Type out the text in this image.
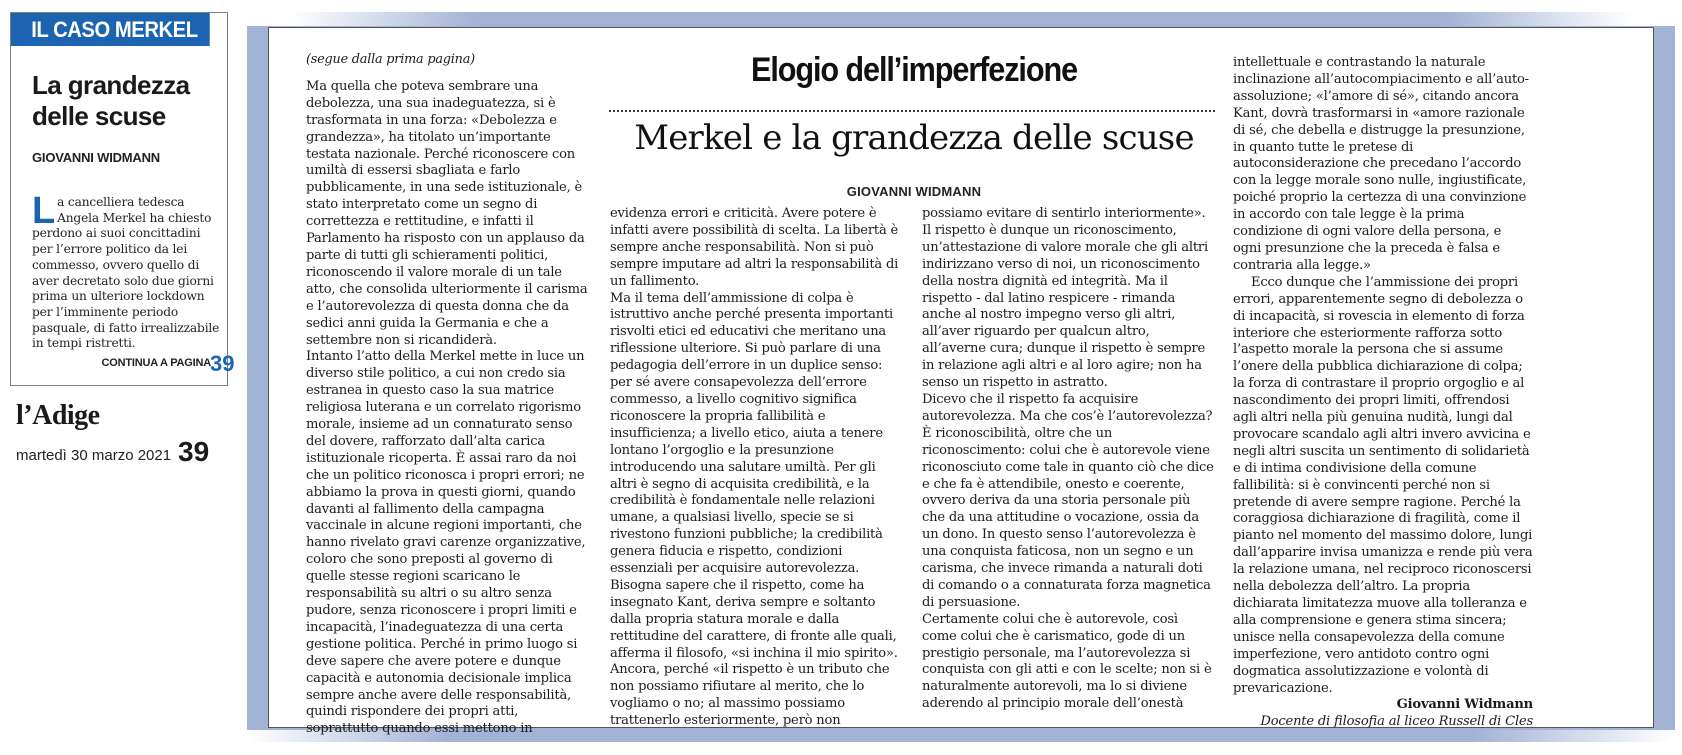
IL CASO MERKEL
La grandezza delle scuse
GIOVANNI WIDMANN

La cancelliera tedesca Angela Merkel ha chiesto perdono ai suoi concittadini per l’errore politico da lei commesso, ovvero quello di aver decretato solo due giorni prima un ulteriore lockdown per l’imminente periodo pasquale, di fatto irrealizzabile in tempi ristretti.

CONTINUA A PAGINA 39
l’Adige
martedì 30 marzo 2021 39
Elogio dell’imperfezione
Merkel e la grandezza delle scuse
GIOVANNI WIDMANN

(segue dalla prima pagina)

Ma quella che poteva sembrare una debolezza, una sua inadeguatezza, si è trasformata in una forza: «Debolezza e grandezza», ha titolato un’importante testata nazionale. Perché riconoscere con umiltà di essersi sbagliata e farlo pubblicamente, in una sede istituzionale, è stato interpretato come un segno di correttezza e rettitudine, e infatti il Parlamento ha risposto con un applauso da parte di tutti gli schieramenti politici, riconoscendo il valore morale di un tale atto, che consolida ulteriormente il carisma e l’autorevolezza di questa donna che da sedici anni guida la Germania e che a settembre non si ricandiderà.

Intanto l’atto della Merkel mette in luce un diverso stile politico, a cui non credo sia estranea in questo caso la sua matrice religiosa luterana e un correlato rigorismo morale, insieme ad un connaturato senso del dovere, rafforzato dall’alta carica istituzionale ricoperta. È assai raro da noi che un politico riconosca i propri errori; ne abbiamo la prova in questi giorni, quando davanti al fallimento della campagna vaccinale in alcune regioni importanti, che hanno rivelato gravi carenze organizzative, coloro che sono preposti al governo di quelle stesse regioni scaricano le responsabilità su altri o su altro senza pudore, senza riconoscere i propri limiti e incapacità, l’inadeguatezza di una certa gestione politica. Perché in primo luogo si deve sapere che avere potere e dunque capacità e autonomia decisionale implica sempre anche avere delle responsabilità, quindi rispondere dei propri atti, soprattutto quando essi mettono in

evidenza errori e criticità. Avere potere è infatti avere possibilità di scelta. La libertà è sempre anche responsabilità. Non si può sempre imputare ad altri la responsabilità di un fallimento.

Ma il tema dell’ammissione di colpa è istruttivo anche perché presenta importanti risvolti etici ed educativi che meritano una riflessione ulteriore. Si può parlare di una pedagogia dell’errore in un duplice senso: per sé avere consapevolezza dell’errore commesso, a livello cognitivo significa riconoscere la propria fallibilità e insufficienza; a livello etico, aiuta a tenere lontano l’orgoglio e la presunzione introducendo una salutare umiltà. Per gli altri è segno di acquisita credibilità, e la credibilità è fondamentale nelle relazioni umane, a qualsiasi livello, specie se si rivestono funzioni pubbliche; la credibilità genera fiducia e rispetto, condizioni essenziali per acquisire autorevolezza.

Bisogna sapere che il rispetto, come ha insegnato Kant, deriva sempre e soltanto dalla propria statura morale e dalla rettitudine del carattere, di fronte alle quali, afferma il filosofo, «si inchina il mio spirito». Ancora, perché «il rispetto è un tributo che non possiamo rifiutare al merito, che lo vogliamo o no; al massimo possiamo trattenerlo esteriormente, però non

possiamo evitare di sentirlo interiormente». Il rispetto è dunque un riconoscimento, un’attestazione di valore morale che gli altri indirizzano verso di noi, un riconoscimento della nostra dignità ed integrità. Ma il rispetto - dal latino respicere - rimanda anche al nostro impegno verso gli altri, all’aver riguardo per qualcun altro, all’averne cura; dunque il rispetto è sempre in relazione agli altri e al loro agire; non ha senso un rispetto in astratto.

Dicevo che il rispetto fa acquisire autorevolezza. Ma che cos’è l’autorevolezza? È riconoscibilità, oltre che un riconoscimento: colui che è autorevole viene riconosciuto come tale in quanto ciò che dice e che fa è attendibile, onesto e coerente, ovvero deriva da una storia personale più che da una attitudine o vocazione, ossia da un dono. In questo senso l’autorevolezza è una conquista faticosa, non un segno e un carisma, che invece rimanda a naturali doti di comando o a connaturata forza magnetica di persuasione.

Certamente colui che è autorevole, così come colui che è carismatico, gode di un prestigio personale, ma l’autorevolezza si conquista con gli atti e con le scelte; non si è naturalmente autorevoli, ma lo si diviene aderendo al principio morale dell’onestà

intellettuale e contrastando la naturale inclinazione all’autocompiacimento e all’auto-assoluzione; «l’amore di sé», citando ancora Kant, dovrà trasformarsi in «amore razionale di sé, che debella e distrugge la presunzione, in quanto tutte le pretese di autoconsiderazione che precedano l’accordo con la legge morale sono nulle, ingiustificate, poiché proprio la certezza di una convinzione in accordo con tale legge è la prima condizione di ogni valore della persona, e ogni presunzione che la preceda è falsa e contraria alla legge.»

Ecco dunque che l’ammissione dei propri errori, apparentemente segno di debolezza o di incapacità, si rovescia in elemento di forza interiore che esteriormente rafforza sotto l’aspetto morale la persona che si assume l’onere della pubblica dichiarazione di colpa; la forza di contrastare il proprio orgoglio e al nascondimento dei propri limiti, offrendosi agli altri nella più genuina nudità, lungi dal provocare scandalo agli altri invero avvicina e negli altri suscita un sentimento di solidarietà e di intima condivisione della comune fallibilità: si è convincenti perché non si pretende di avere sempre ragione. Perché la coraggiosa dichiarazione di fragilità, come il pianto nel momento del massimo dolore, lungi dall’apparire invisa umanizza e rende più vera la relazione umana, nel reciproco riconoscersi nella debolezza dell’altro. La propria dichiarata limitatezza muove alla tolleranza e alla comprensione e genera stima sincera; unisce nella consapevolezza della comune imperfezione, vero antidoto contro ogni dogmatica assolutizzazione e volontà di prevaricazione.

Giovanni Widmann

Docente di filosofia al liceo Russell di Cles
